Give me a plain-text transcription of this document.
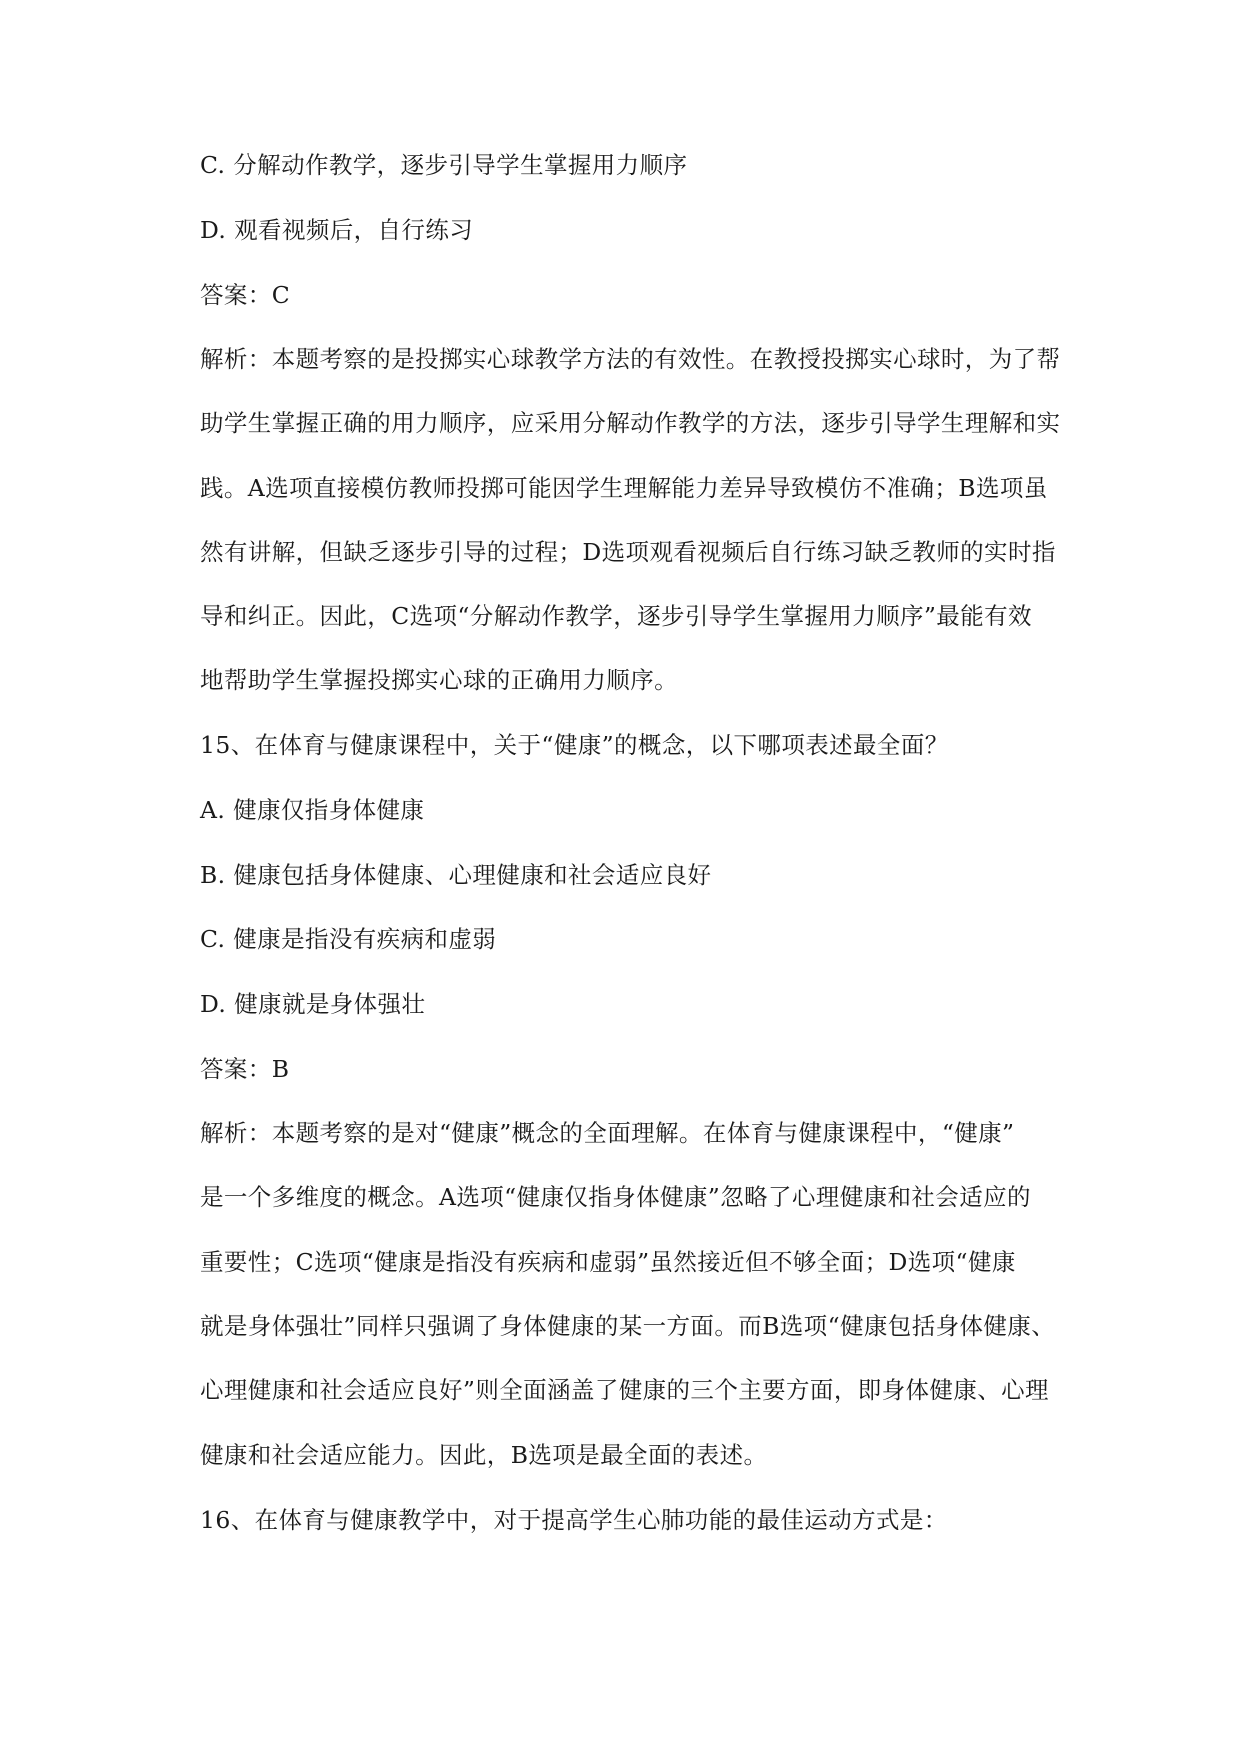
C. 分解动作教学，逐步引导学生掌握用力顺序
D. 观看视频后，自行练习
答案：C
解析：本题考察的是投掷实心球教学方法的有效性。在教授投掷实心球时，为了帮
助学生掌握正确的用力顺序，应采用分解动作教学的方法，逐步引导学生理解和实
践。A选项直接模仿教师投掷可能因学生理解能力差异导致模仿不准确；B选项虽
然有讲解，但缺乏逐步引导的过程；D选项观看视频后自行练习缺乏教师的实时指
导和纠正。因此，C选项“分解动作教学，逐步引导学生掌握用力顺序”最能有效
地帮助学生掌握投掷实心球的正确用力顺序。
15、在体育与健康课程中，关于“健康”的概念，以下哪项表述最全面？
A. 健康仅指身体健康
B. 健康包括身体健康、心理健康和社会适应良好
C. 健康是指没有疾病和虚弱
D. 健康就是身体强壮
答案：B
解析：本题考察的是对“健康”概念的全面理解。在体育与健康课程中，“健康”
是一个多维度的概念。A选项“健康仅指身体健康”忽略了心理健康和社会适应的
重要性；C选项“健康是指没有疾病和虚弱”虽然接近但不够全面；D选项“健康
就是身体强壮”同样只强调了身体健康的某一方面。而B选项“健康包括身体健康、
心理健康和社会适应良好”则全面涵盖了健康的三个主要方面，即身体健康、心理
健康和社会适应能力。因此，B选项是最全面的表述。
16、在体育与健康教学中，对于提高学生心肺功能的最佳运动方式是：
